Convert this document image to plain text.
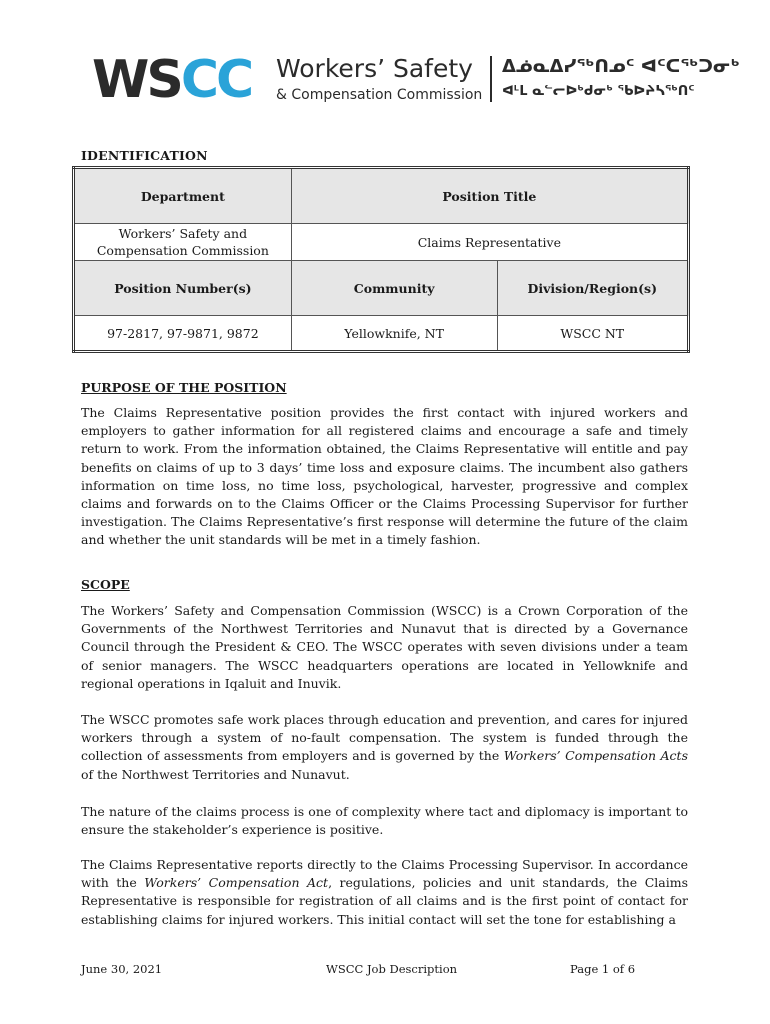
WSCC Workers’ Safety
& Compensation Commission
ᐃᓅᓇᐃᓯᖅᑎᓄᑦ ᐊᑦᑕᕐᒃᑐᓂᒃ
ᐊᒻᒪ ᓇᓪᓕᐅᒃᑯᓂᒃ ᖃᐅᔨᓴᖅᑎᑦ
IDENTIFICATION
Department	Position Title	
Workers’ Safety and
Compensation Commission	Claims Representative	
Position Number(s)	Community	Division/Region(s)
97-2817, 97-9871, 9872	Yellowknife, NT	WSCC NT
PURPOSE OF THE POSITION

The Claims Representative position provides the first contact with injured workers and employers to gather information for all registered claims and encourage a safe and timely return to work. From the information obtained, the Claims Representative will entitle and pay benefits on claims of up to 3 days’ time loss and exposure claims. The incumbent also gathers information on time loss, no time loss, psychological, harvester, progressive and complex claims and forwards on to the Claims Officer or the Claims Processing Supervisor for further investigation. The Claims Representative’s first response will determine the future of the claim and whether the unit standards will be met in a timely fashion.

SCOPE

The Workers’ Safety and Compensation Commission (WSCC) is a Crown Corporation of the Governments of the Northwest Territories and Nunavut that is directed by a Governance Council through the President & CEO. The WSCC operates with seven divisions under a team of senior managers. The WSCC headquarters operations are located in Yellowknife and regional operations in Iqaluit and Inuvik.

The WSCC promotes safe work places through education and prevention, and cares for injured workers through a system of no-fault compensation. The system is funded through the collection of assessments from employers and is governed by the Workers’ Compensation Acts of the Northwest Territories and Nunavut.

The nature of the claims process is one of complexity where tact and diplomacy is important to ensure the stakeholder’s experience is positive.

The Claims Representative reports directly to the Claims Processing Supervisor. In accordance with the Workers’ Compensation Act, regulations, policies and unit standards, the Claims Representative is responsible for registration of all claims and is the first point of contact for establishing claims for injured workers. This initial contact will set the tone for establishing a

June 30, 2021	WSCC Job Description	Page 1 of 6
